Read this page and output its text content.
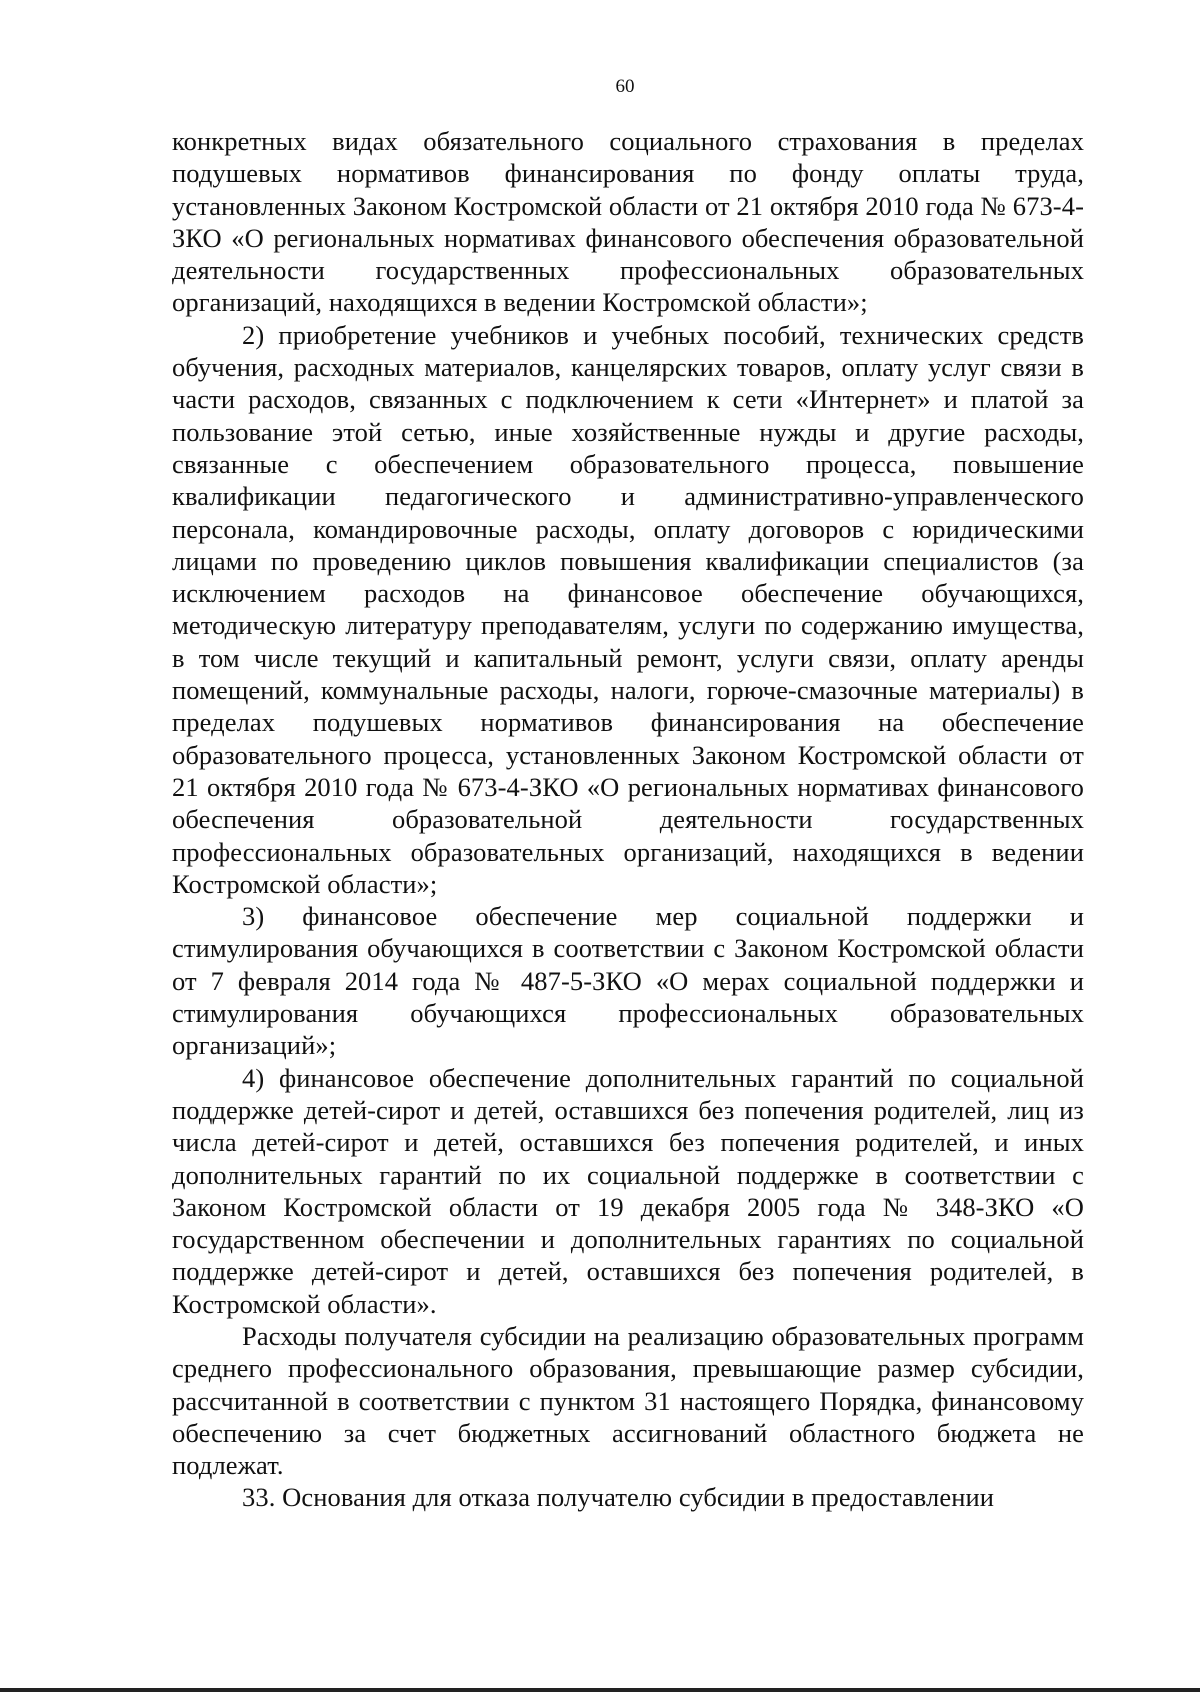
60

конкретных видах обязательного социального страхования в пределах подушевых нормативов финансирования по фонду оплаты труда, установленных Законом Костромской области от 21 октября 2010 года № 673-4-ЗКО «О региональных нормативах финансового обеспечения образовательной деятельности государственных профессиональных образовательных организаций, находящихся в ведении Костромской области»;

2) приобретение учебников и учебных пособий, технических средств обучения, расходных материалов, канцелярских товаров, оплату услуг связи в части расходов, связанных с подключением к сети «Интернет» и платой за пользование этой сетью, иные хозяйственные нужды и другие расходы, связанные с обеспечением образовательного процесса, повышение квалификации педагогического и административно-управленческого персонала, командировочные расходы, оплату договоров с юридическими лицами по проведению циклов повышения квалификации специалистов (за исключением расходов на финансовое обеспечение обучающихся, методическую литературу преподавателям, услуги по содержанию имущества, в том числе текущий и капитальный ремонт, услуги связи, оплату аренды помещений, коммунальные расходы, налоги, горюче-смазочные материалы) в пределах подушевых нормативов финансирования на обеспечение образовательного процесса, установленных Законом Костромской области от 21 октября 2010 года № 673-4-ЗКО «О региональных нормативах финансового обеспечения образовательной деятельности государственных профессиональных образовательных организаций, находящихся в ведении Костромской области»;

3) финансовое обеспечение мер социальной поддержки и стимулирования обучающихся в соответствии с Законом Костромской области от 7 февраля 2014 года № 487-5-ЗКО «О мерах социальной поддержки и стимулирования обучающихся профессиональных образовательных организаций»;

4) финансовое обеспечение дополнительных гарантий по социальной поддержке детей-сирот и детей, оставшихся без попечения родителей, лиц из числа детей-сирот и детей, оставшихся без попечения родителей, и иных дополнительных гарантий по их социальной поддержке в соответствии с Законом Костромской области от 19 декабря 2005 года № 348-ЗКО «О государственном обеспечении и дополнительных гарантиях по социальной поддержке детей-сирот и детей, оставшихся без попечения родителей, в Костромской области».

Расходы получателя субсидии на реализацию образовательных программ среднего профессионального образования, превышающие размер субсидии, рассчитанной в соответствии с пунктом 31 настоящего Порядка, финансовому обеспечению за счет бюджетных ассигнований областного бюджета не подлежат.

33. Основания для отказа получателю субсидии в предоставлении
